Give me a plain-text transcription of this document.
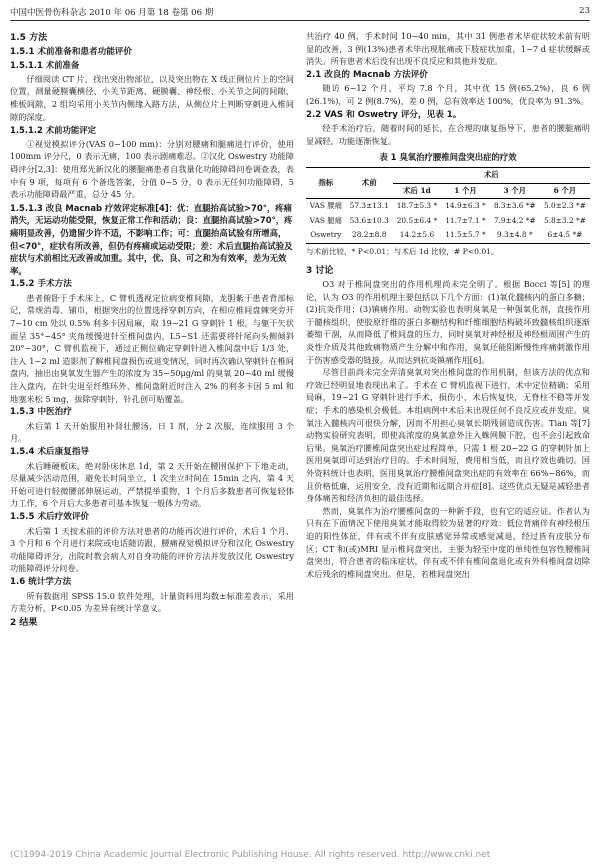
中国中医骨伤科杂志 2010 年 06 月第 18 卷第 06 期	23
1.5 方法
1.5.1 术前准备和患者功能评价
1.5.1.1 术前准备

仔细阅读 CT 片，找出突出物部位，以及突出物在 X 线正侧位片上的空间位置，测量硬膜囊横径、小关节距离、硬膜囊、神经根、小关节之间的间隙、椎板间隙，2 组均采用小关节内侧缘入路方法，从侧位片上判断穿刺进入椎间隙的深度。

1.5.1.2 术前功能评定

①视觉模拟评分(VAS 0~100 mm)：分别对腰痛和腿痛进行评价，使用 100mm 评分尺，0 表示无痛，100 表示剧痛难忍。②汉化 Oswestry 功能障碍评分[2,3]：使用郑光新汉化的腰腿痛患者自我量化功能障碍问卷调查表，表中有 9 项，每项有 6 个备选答案，分值 0~5 分，0 表示无任何功能障碍，5 表示功能障碍最严重，总分 45 分。

1.5.1.3 改良 Macnab 疗效评定标准[4]：优：直腿抬高试验>70°，疼痛消失，无运动功能受限，恢复正常工作和活动；良：直腿抬高试验>70°，疼痛明显改善，仍遗留少许不适，不影响工作；可：直腿抬高试验有所增高，但<70°，症状有所改善，但仍有疼痛或运动受限；差：术后直腿抬高试验及症状与术前相比无改善或加重。其中，优、良、可之和为有效率，差为无效率。
1.5.2 手术方法

患者俯卧于手术床上，C 臂机透视定位病变椎间隙，龙胆紫于患者背部标记，常规消毒、铺巾，根据突出的位置选择穿刺方向，在相应椎间盘棘突旁开 7~10 cm 处以 0.5% 利多卡因局麻，取 19~21 G 穿刺针 1 根，与躯干矢状面呈 35°~45° 夹角缓慢进针至椎间盘内，L5~S1 还需要将针尾向头侧倾斜 20°~30°，C 臂机监视下，通过正侧位确定穿刺针进入椎间盘中后 1/3 处，注入 1~2 ml 造影剂了解椎间盘损伤或退变情况，同时再次确认穿刺针在椎间盘内，抽出由臭氧发生器产生的浓度为 35~50μg/ml 的臭氧 20~40 ml 缓慢注入盘内，在针尖退至纤维环外、椎间盘附近时注入 2% 的利多卡因 5 ml 和地塞米松 5 mg，拔除穿刺针，针孔创可贴覆盖。

1.5.3 中医治疗

术后第 1 天开始服用补肾壮腰汤，日 1 剂，分 2 次服，连续服用 3 个月。

1.5.4 术后康复指导

术后睡硬板床，绝对卧床休息 1d，第 2 天开始在腰围保护下下地走动，尽量减少活动范围，避免长时间坐立，1 次坐立时间在 15min 之内，第 4 天开始可进行轻微腰部伸展运动，严禁提举重物，1 个月后多数患者可恢复轻体力工作，6 个月后大多患者可基本恢复一般体力劳动。

1.5.5 术后疗效评价

术后第 1 天按术前的评价方法对患者的功能再次进行评价，术后 1 个月、3 个月和 6 个月进行来院或电话随访跟，腰痛视觉模拟评分和汉化 Oswestry 功能障碍评分，出院时教会病人对自身功能的评价方法并发放汉化 Oswestry 功能障碍评分问卷。

1.6 统计学方法

所有数据用 SPSS 15.0 软件处理，计量资料用均数±标准差表示，采用方差分析，P<0.05 为差异有统计学意义。

2 结果

共治疗 40 例，手术时间 10~40 min，其中 31 例患者术毕症状较术前有明显的改善，3 例(13%)患者术毕出现胀痛或下肢症状加重，1~7 d 症状缓解或消失。所有患者术后没有出现不良反应和其他并发症。

2.1 改良的 Macnab 方法评价

随访 6~12 个月，平均 7.8 个月，其中优 15 例(65.2%)，良 6 例(26.1%)，可 2 例(8.7%)，差 0 例，总有效率达 100%，优良率为 91.3%。

2.2 VAS 和 Oswetry 评分，见表 1。

经手术治疗后，随着时间的延长，在合理的康复指导下，患者的腰腿痛明显减轻，功能逐渐恢复。

表 1 臭氧治疗腰椎间盘突出症的疗效
指标	术前	术后			
		术后 1d	1 个月	3 个月	6 个月
VAS 腰痛	57.3±13.1	18.7±5.3 *	14.9±6.3 *	8.3±3.6 *#	5.0±2.3 *#
VAS 腿痛	53.6±10.3	20.5±6.4 *	11.7±7.1 *	7.9±4.2 *#	5.8±3.2 *#
Oswetry	28.2±8.8	14.2±5.6	11.5±5.7 *	9.3±4.8 *	6±4.5 *#

与术前比较，* P<0.01；与术后 1d 比较，# P<0.01。

3 讨论

O3 对于椎间盘突出的作用机理尚未完全明了。根据 Bocci 等[5] 的理论，认为 O3 的作用机理主要包括以下几个方面：(1)氧化髓核内的蛋白多糖；(2)抗炎作用；(3)镇痛作用。动物实验也表明臭氧是一种强氧化剂，直接作用于髓核组织，使胶原纤维的蛋白多糖结构和纤维细胞结构破坏致髓核组织逐渐萎缩干涸，从而降低了椎间盘的压力，同时臭氧对神经根及神经根周围产生的炎性介质及其他致痛物质产生分解中和作用，臭氧还能阻断慢性疼痛刺激作用于伤害感受器的链接，从而达到抗炎镇痛作用[6]。

尽管目前尚未完全弄清臭氧对突出椎间盘的作用机制，但该方法的优点和疗效已经明显地表现出来了。手术在 C 臂机监视下进行，术中定位精确；采用局麻，19~21 G 穿刺针进行手术，损伤小，术后恢复快，无脊柱不稳等并发症；手术的感染机会极低。本组病例中术后未出现任何不良反应或并发症。臭氧注入髓核内可很快分解，因而不用担心臭氧长期残留造成伤害。Tian 等[7] 动物实验研究表明，即使高浓度的臭氧意外注入蛛网膜下腔，也不会引起致命后果。臭氧治疗腰椎间盘突出症过程简单，只需 1 根 20~22 G 的穿刺针加上医用臭氧即可达到治疗目的。手术时间短，费用相当低，而且疗效也确切。国外资料统计也表明，医用臭氧治疗腰椎间盘突出症的有效率在 66%~86%，而且价格低廉，运用安全，没有近期和远期合并症[8]。这些优点无疑是减轻患者身体痛苦和经济负担的最佳选择。

然而，臭氧作为治疗腰椎间盘的一种新手段，也有它的适应证。作者认为只有在下面情况下使用臭氧才能取得较为显著的疗效：低位背痛伴有神经根压迫的阳性体征，伴有或不伴有皮肤感觉异常或感觉减退，经过皆有皮肤分布区；CT 和(或)MRI 显示椎间盘突出，主要为轻至中度的单纯性包容性腰椎间盘突出，符合患者的临床症状，伴有或不伴有椎间盘退化或有外科椎间盘切除术后残余的椎间盘突出。但是，若椎间盘突出

(C)1994-2019 China Academic Journal Electronic Publishing House. All rights reserved. http://www.cnki.net
